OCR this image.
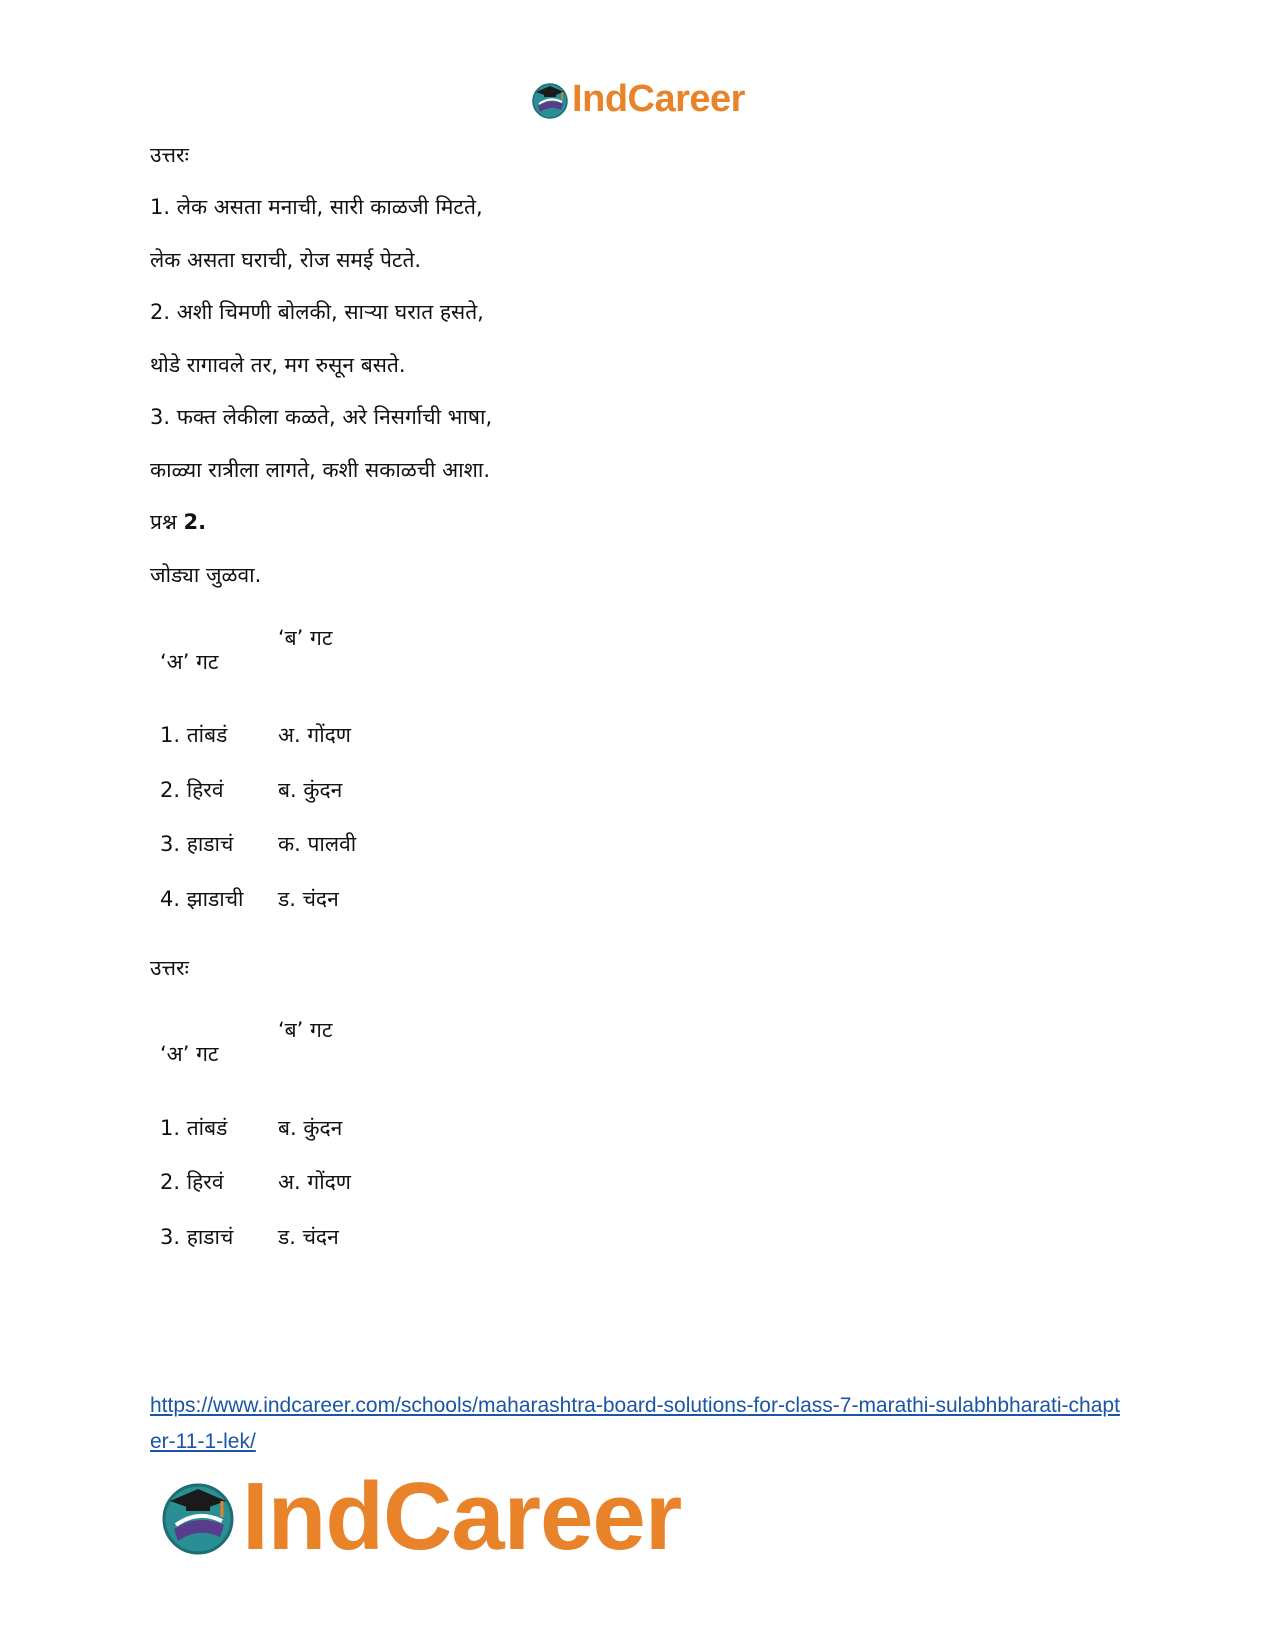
IndCareer
उत्तरः
1. लेक असता मनाची, सारी काळजी मिटते,
लेक असता घराची, रोज समई पेटते.
2. अशी चिमणी बोलकी, साऱ्या घरात हसते,
थोडे रागावले तर, मग रुसून बसते.
3. फक्त लेकीला कळते, अरे निसर्गाची भाषा,
काळ्या रात्रीला लागते, कशी सकाळची आशा.
प्रश्न 2.
जोड्या जुळवा.
‘ब’ गट
‘अ’ गट
1. तांबडं अ. गोंदण
2. हिरवं	ब. कुंदन
3. हाडाचं क. पालवी
4. झाडाची ड. चंदन
उत्तरः
‘ब’ गट
‘अ’ गट
1. तांबडं ब. कुंदन
2. हिरवं	अ. गोंदण
3. हाडाचं ड. चंदन
https://www.indcareer.com/schools/maharashtra-board-solutions-for-class-7-marathi-sulabhbharati-chapter-11-1-lek/
IndCareer
